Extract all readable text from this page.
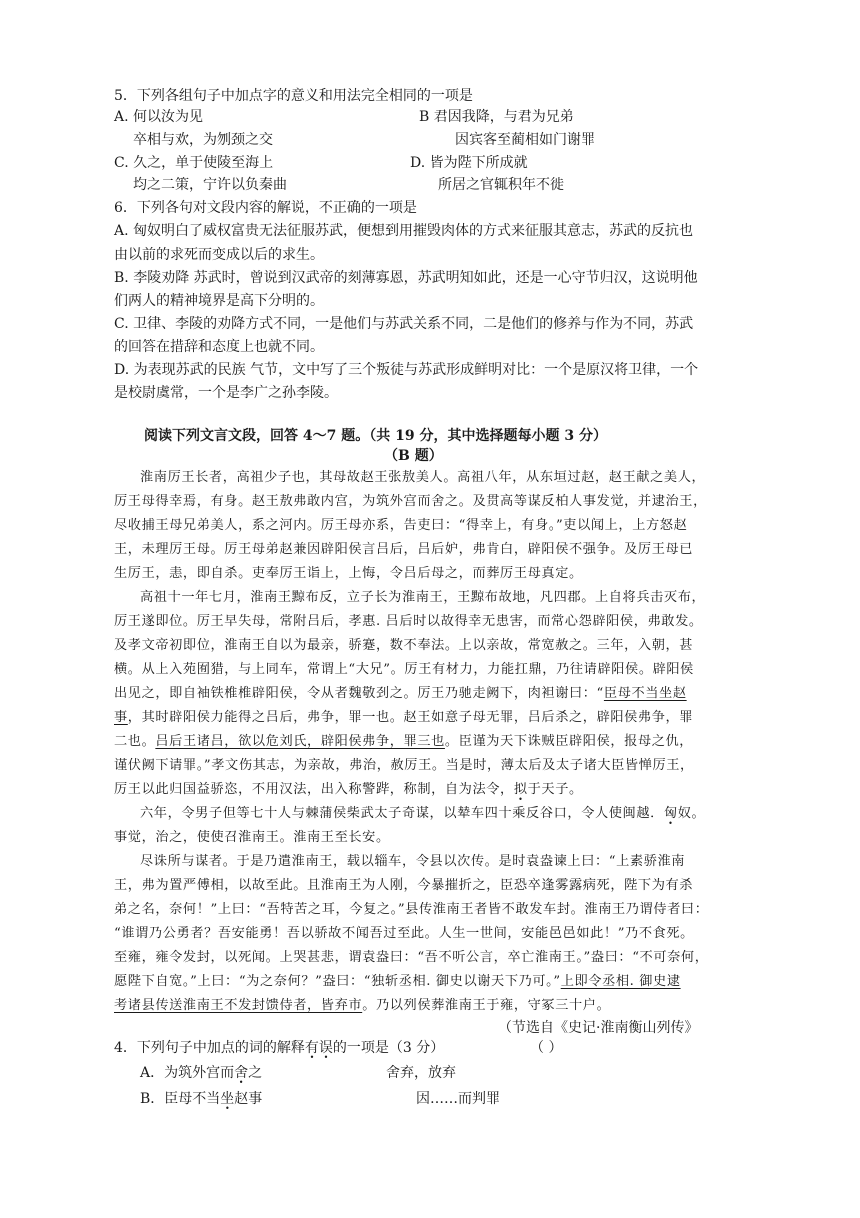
5．下列各组句子中加点字的意义和用法完全相同的一项是
A. 何以汝为见	B 君因我降，与君为兄弟
卒相与欢，为刎颈之交	因宾客至蔺相如门谢罪
C. 久之，单于使陵至海上	D. 皆为陛下所成就
均之二策，宁许以负秦曲	所居之官辄积年不徙
6．下列各句对文段内容的解说，不正确的一项是
A. 匈奴明白了威权富贵无法征服苏武，便想到用摧毁肉体的方式来征服其意志，苏武的反抗也
由以前的求死而变成以后的求生。
B. 李陵劝降 苏武时，曾说到汉武帝的刻薄寡恩，苏武明知如此，还是一心守节归汉，这说明他
们两人的精神境界是高下分明的。
C. 卫律、李陵的劝降方式不同，一是他们与苏武关系不同，二是他们的修养与作为不同，苏武
的回答在措辞和态度上也就不同。
D. 为表现苏武的民族 气节，文中写了三个叛徒与苏武形成鲜明对比：一个是原汉将卫律，一个
是校尉虞常，一个是李广之孙李陵。
阅读下列文言文段，回答 4～7 题。（共 19 分，其中选择题每小题 3 分）
（B 题）
淮南厉王长者，高祖少子也，其母故赵王张敖美人。高祖八年，从东垣过赵，赵王献之美人，
厉王母得幸焉，有身。赵王敖弗敢内宫，为筑外宫而舍之。及贯高等谋反柏人事发觉，并逮治王，
尽收捕王母兄弟美人，系之河内。厉王母亦系，告吏曰：“得幸上，有身。”吏以闻上，上方怒赵
王，未理厉王母。厉王母弟赵兼因辟阳侯言吕后，吕后妒，弗肯白，辟阳侯不强争。及厉王母已
生厉王，恚，即自杀。吏奉厉王诣上，上悔，令吕后母之，而葬厉王母真定。
高祖十一年七月，淮南王黥布反，立子长为淮南王，王黥布故地，凡四郡。上自将兵击灭布，
厉王遂即位。厉王早失母，常附吕后，孝惠. 吕后时以故得幸无患害，而常心怨辟阳侯，弗敢发。
及孝文帝初即位，淮南王自以为最亲，骄蹇，数不奉法。上以亲故，常宽赦之。三年，入朝，甚
横。从上入苑囿猎，与上同车，常谓上“大兄”。厉王有材力，力能扛鼎，乃往请辟阳侯。辟阳侯
出见之，即自袖铁椎椎辟阳侯，令从者魏敬刭之。厉王乃驰走阙下，肉袒谢曰：“臣母不当坐赵
事，其时辟阳侯力能得之吕后，弗争，罪一也。赵王如意子母无罪，吕后杀之，辟阳侯弗争，罪
二也。吕后王诸吕，欲以危刘氏，辟阳侯弗争，罪三也。臣谨为天下诛贼臣辟阳侯，报母之仇，
谨伏阙下请罪。”孝文伤其志，为亲故，弗治，赦厉王。当是时，薄太后及太子诸大臣皆惮厉王，
厉王以此归国益骄恣，不用汉法，出入称警跸，称制，自为法令，拟于天子。
六年，令男子但等七十人与棘蒲侯柴武太子奇谋，以辇车四十乘反谷口，令人使闽越．匈奴。
事觉，治之，使使召淮南王。淮南王至长安。
尽诛所与谋者。于是乃遣淮南王，载以辎车，令县以次传。是时袁盎谏上曰：“上素骄淮南
王，弗为置严傅相，以故至此。且淮南王为人刚，今暴摧折之，臣恐卒逢雾露病死，陛下为有杀
弟之名，奈何！”上曰：“吾特苦之耳，今复之。”县传淮南王者皆不敢发车封。淮南王乃谓侍者曰：
“谁谓乃公勇者？吾安能勇！吾以骄故不闻吾过至此。人生一世间，安能邑邑如此！”乃不食死。
至雍，雍令发封，以死闻。上哭甚悲，谓袁盎曰：“吾不听公言，卒亡淮南王。”盎曰：“不可奈何，
愿陛下自宽。”上曰：“为之奈何？”盎曰：“独斩丞相. 御史以谢天下乃可。”上即令丞相. 御史逮
考诸县传送淮南王不发封馈侍者，皆弃市。乃以列侯葬淮南王于雍，守冢三十户。
（节选自《史记·淮南衡山列传》
4．下列句子中加点的词的解释有误的一项是（3 分）	（ ）
A．为筑外宫而舍之	舍弃，放弃
B．臣母不当坐赵事	因……而判罪
